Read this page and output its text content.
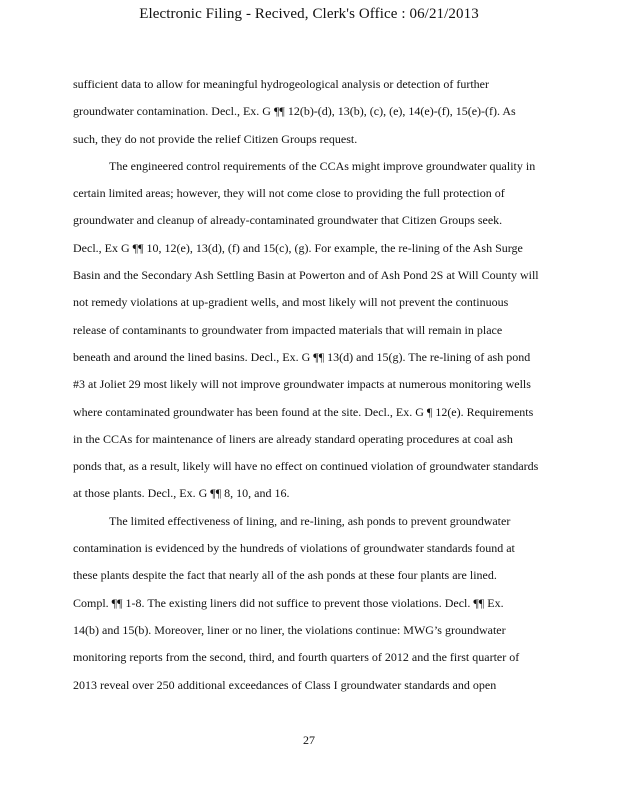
Electronic Filing - Recived, Clerk's Office : 06/21/2013
sufficient data to allow for meaningful hydrogeological analysis or detection of further
groundwater contamination. Decl., Ex. G ¶¶ 12(b)-(d), 13(b), (c), (e), 14(e)-(f), 15(e)-(f). As
such, they do not provide the relief Citizen Groups request.
The engineered control requirements of the CCAs might improve groundwater quality in
certain limited areas; however, they will not come close to providing the full protection of
groundwater and cleanup of already-contaminated groundwater that Citizen Groups seek.
Decl., Ex G ¶¶ 10, 12(e), 13(d), (f) and 15(c), (g). For example, the re-lining of the Ash Surge
Basin and the Secondary Ash Settling Basin at Powerton and of Ash Pond 2S at Will County will
not remedy violations at up-gradient wells, and most likely will not prevent the continuous
release of contaminants to groundwater from impacted materials that will remain in place
beneath and around the lined basins. Decl., Ex. G ¶¶ 13(d) and 15(g). The re-lining of ash pond
#3 at Joliet 29 most likely will not improve groundwater impacts at numerous monitoring wells
where contaminated groundwater has been found at the site. Decl., Ex. G ¶ 12(e). Requirements
in the CCAs for maintenance of liners are already standard operating procedures at coal ash
ponds that, as a result, likely will have no effect on continued violation of groundwater standards
at those plants. Decl., Ex. G ¶¶ 8, 10, and 16.
The limited effectiveness of lining, and re-lining, ash ponds to prevent groundwater
contamination is evidenced by the hundreds of violations of groundwater standards found at
these plants despite the fact that nearly all of the ash ponds at these four plants are lined.
Compl. ¶¶ 1-8. The existing liners did not suffice to prevent those violations. Decl. ¶¶ Ex.
14(b) and 15(b). Moreover, liner or no liner, the violations continue: MWG’s groundwater
monitoring reports from the second, third, and fourth quarters of 2012 and the first quarter of
2013 reveal over 250 additional exceedances of Class I groundwater standards and open
27
